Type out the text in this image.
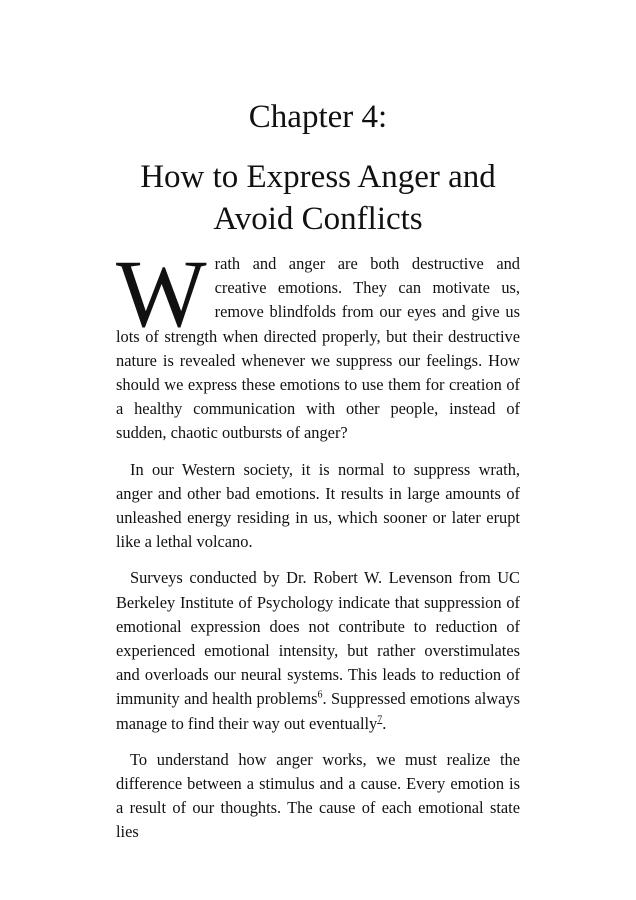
Chapter 4:
How to Express Anger and
Avoid Conflicts

Wrath and anger are both destructive and creative emotions. They can motivate us, remove blindfolds from our eyes and give us lots of strength when directed properly, but their destructive nature is revealed whenever we suppress our feelings. How should we express these emotions to use them for creation of a healthy communication with other people, instead of sudden, chaotic outbursts of anger?

In our Western society, it is normal to suppress wrath, anger and other bad emotions. It results in large amounts of unleashed energy residing in us, which sooner or later erupt like a lethal volcano.

Surveys conducted by Dr. Robert W. Levenson from UC Berkeley Institute of Psychology indicate that suppression of emotional expression does not contribute to reduction of experienced emotional intensity, but rather overstimulates and overloads our neural systems. This leads to reduction of immunity and health problems$^6$. Suppressed emotions always manage to find their way out eventually$^7$.

To understand how anger works, we must realize the difference between a stimulus and a cause. Every emotion is a result of our thoughts. The cause of each emotional state lies
